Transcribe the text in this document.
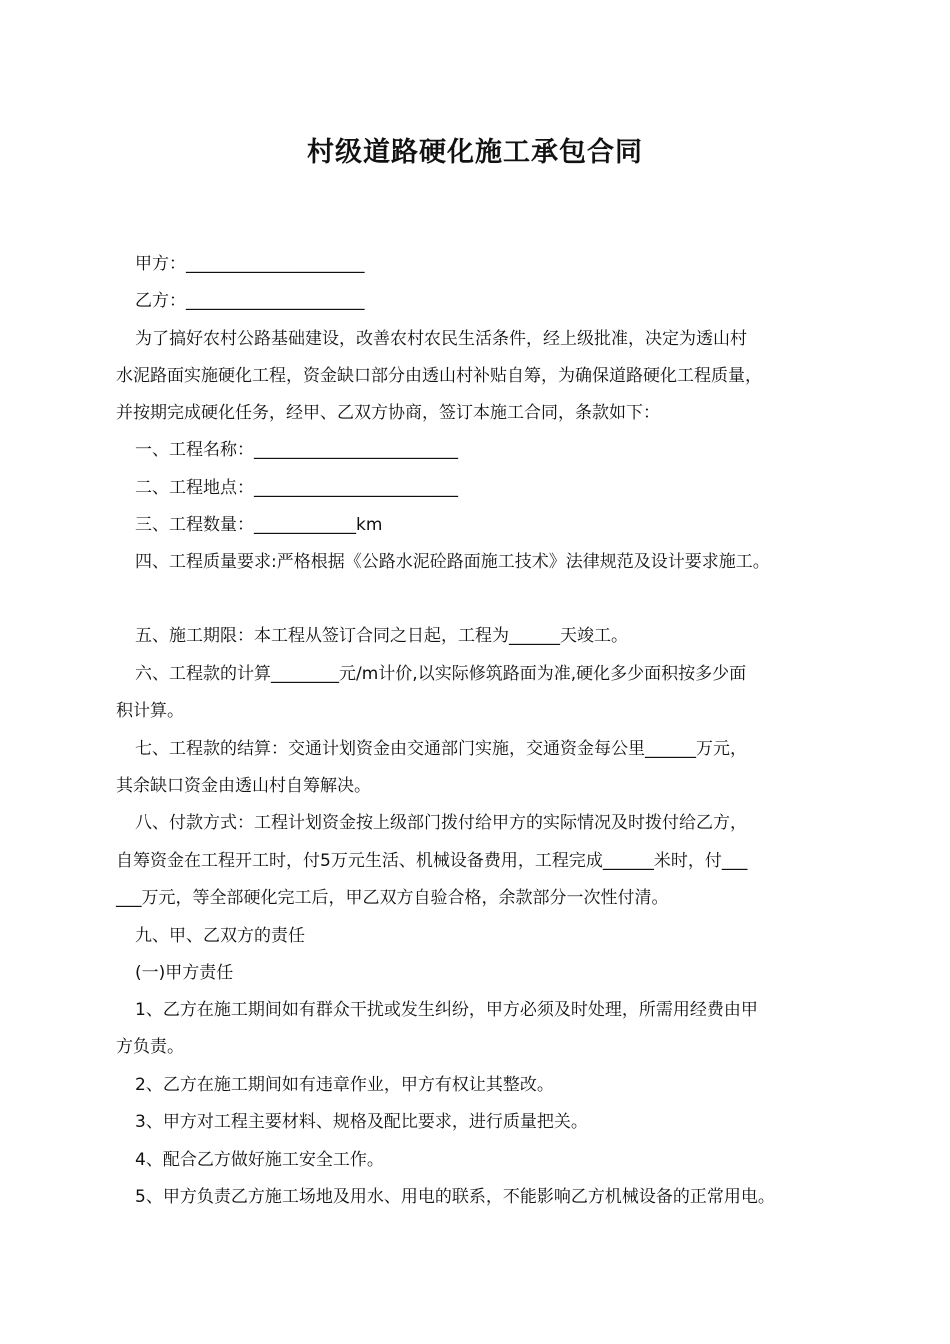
村级道路硬化施工承包合同
甲方：_____________________
乙方：_____________________
为了搞好农村公路基础建设，改善农村农民生活条件，经上级批准，决定为透山村
水泥路面实施硬化工程，资金缺口部分由透山村补贴自筹，为确保道路硬化工程质量，
并按期完成硬化任务，经甲、乙双方协商，签订本施工合同，条款如下：
一、工程名称：________________________
二、工程地点：________________________
三、工程数量：____________km
四、工程质量要求:严格根据《公路水泥砼路面施工技术》法律规范及设计要求施工。
五、施工期限：本工程从签订合同之日起，工程为______天竣工。
六、工程款的计算________元/m计价,以实际修筑路面为准,硬化多少面积按多少面
积计算。
七、工程款的结算：交通计划资金由交通部门实施，交通资金每公里______万元，
其余缺口资金由透山村自筹解决。
八、付款方式：工程计划资金按上级部门拨付给甲方的实际情况及时拨付给乙方，
自筹资金在工程开工时，付5万元生活、机械设备费用，工程完成______米时，付___
___万元，等全部硬化完工后，甲乙双方自验合格，余款部分一次性付清。
九、甲、乙双方的责任
(一)甲方责任
1、乙方在施工期间如有群众干扰或发生纠纷，甲方必须及时处理，所需用经费由甲
方负责。
2、乙方在施工期间如有违章作业，甲方有权让其整改。
3、甲方对工程主要材料、规格及配比要求，进行质量把关。
4、配合乙方做好施工安全工作。
5、甲方负责乙方施工场地及用水、用电的联系，不能影响乙方机械设备的正常用电。
